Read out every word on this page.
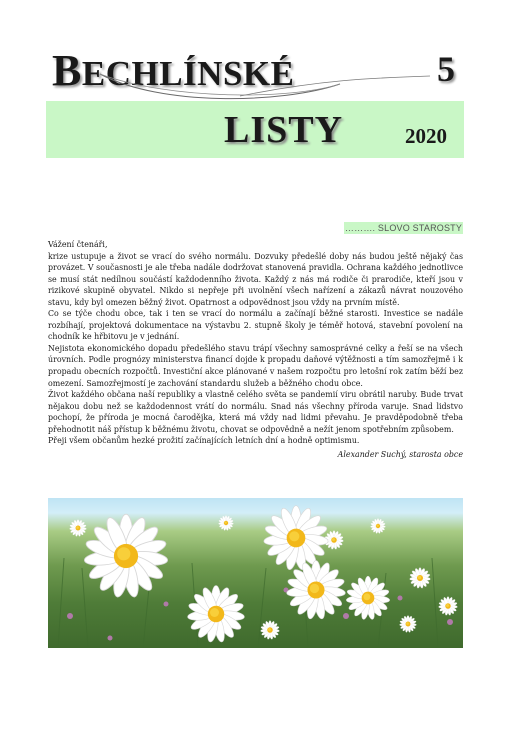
BECHLÍNSKÉ	5
LISTY	2020
………. SLOVO STAROSTY

Vážení čtenáři,

krize ustupuje a život se vrací do svého normálu. Dozvuky předešlé doby nás budou ještě nějaký čas provázet. V současnosti je ale třeba nadále dodržovat stanovená pravidla. Ochrana každého jednotlivce se musí stát nedílnou součástí každodenního života. Každý z nás má rodiče či prarodiče, kteří jsou v rizikové skupině obyvatel. Nikdo si nepřeje při uvolnění všech nařízení a zákazů návrat nouzového stavu, kdy byl omezen běžný život. Opatrnost a odpovědnost jsou vždy na prvním místě.

Co se týče chodu obce, tak i ten se vrací do normálu a začínají běžné starosti. Investice se nadále rozbíhají, projektová dokumentace na výstavbu 2. stupně školy je téměř hotová, stavební povolení na chodník ke hřbitovu je v jednání.

Nejistota ekonomického dopadu předešlého stavu trápí všechny samosprávné celky a řeší se na všech úrovních. Podle prognózy ministerstva financí dojde k propadu daňové výtěžnosti a tím samozřejmě i k propadu obecních rozpočtů. Investiční akce plánované v našem rozpočtu pro letošní rok zatím běží bez omezení. Samozřejmostí je zachování standardu služeb a běžného chodu obce.

Život každého občana naší republiky a vlastně celého světa se pandemií viru obrátil naruby. Bude trvat nějakou dobu než se každodennost vrátí do normálu. Snad nás všechny příroda varuje. Snad lidstvo pochopí, že příroda je mocná čarodějka, která má vždy nad lidmi převahu. Je pravděpodobně třeba přehodnotit náš přístup k běžnému životu, chovat se odpovědně a nežít jenom spotřebním způsobem.

Přeji všem občanům hezké prožití začínajících letních dní a hodně optimismu.

Alexander Suchý, starosta obce
